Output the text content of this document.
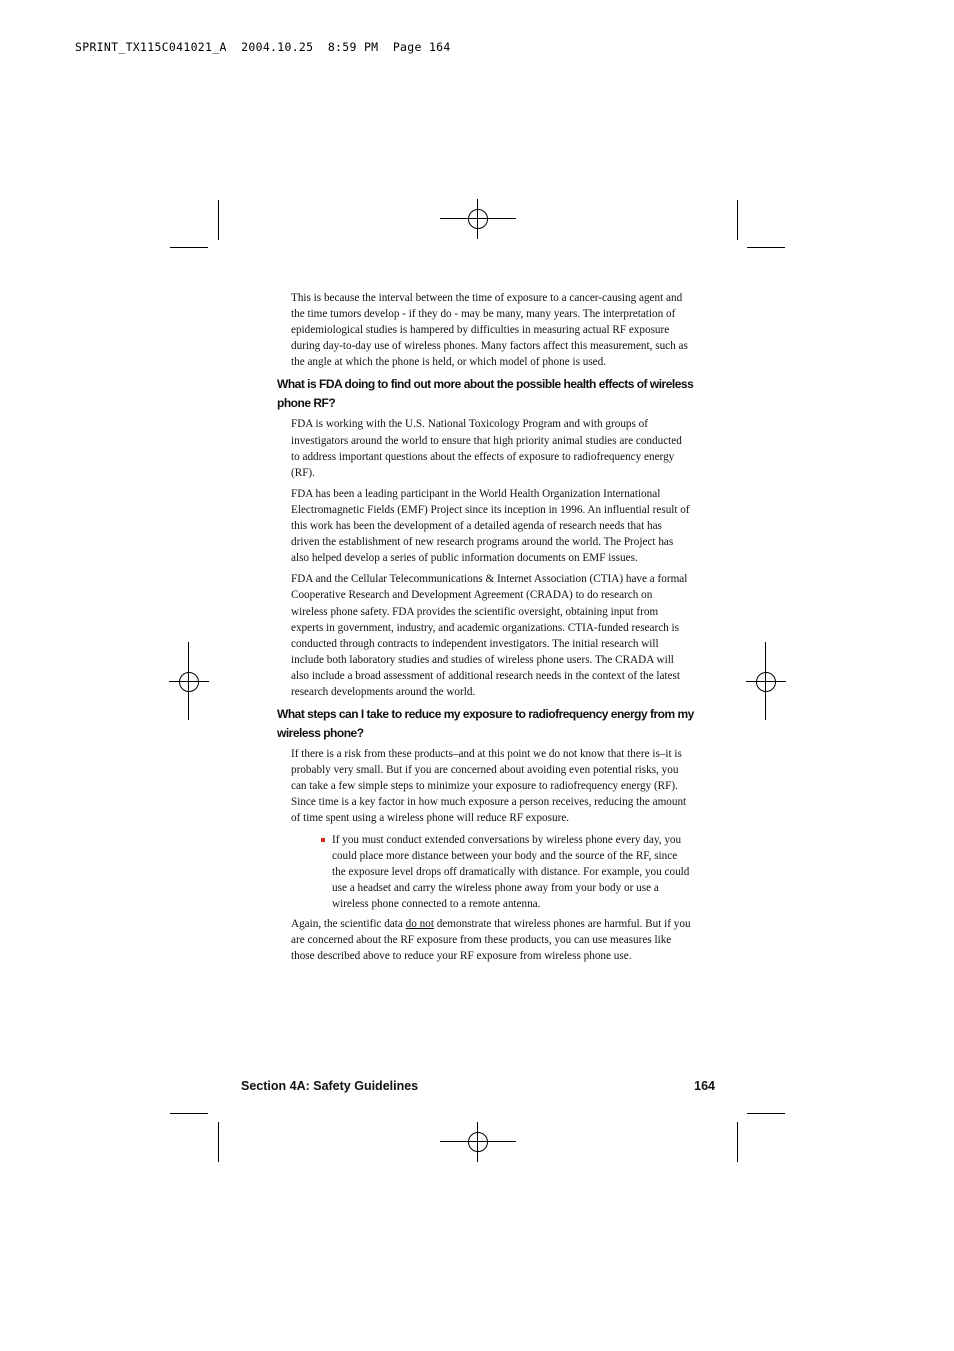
SPRINT_TX115C041021_A  2004.10.25  8:59 PM  Page 164

This is because the interval between the time of exposure to a cancer-causing agent and the time tumors develop - if they do - may be many, many years. The interpretation of epidemiological studies is hampered by difficulties in measuring actual RF exposure during day-to-day use of wireless phones. Many factors affect this measurement, such as the angle at which the phone is held, or which model of phone is used.

What is FDA doing to find out more about the possible health effects of wireless phone RF?

FDA is working with the U.S. National Toxicology Program and with groups of investigators around the world to ensure that high priority animal studies are conducted to address important questions about the effects of exposure to radiofrequency energy (RF).

FDA has been a leading participant in the World Health Organization International Electromagnetic Fields (EMF) Project since its inception in 1996. An influential result of this work has been the development of a detailed agenda of research needs that has driven the establishment of new research programs around the world. The Project has also helped develop a series of public information documents on EMF issues.

FDA and the Cellular Telecommunications & Internet Association (CTIA) have a formal Cooperative Research and Development Agreement (CRADA) to do research on wireless phone safety. FDA provides the scientific oversight, obtaining input from experts in government, industry, and academic organizations. CTIA-funded research is conducted through contracts to independent investigators. The initial research will include both laboratory studies and studies of wireless phone users. The CRADA will also include a broad assessment of additional research needs in the context of the latest research developments around the world.

What steps can I take to reduce my exposure to radiofrequency energy from my wireless phone?

If there is a risk from these products–and at this point we do not know that there is–it is probably very small. But if you are concerned about avoiding even potential risks, you can take a few simple steps to minimize your exposure to radiofrequency energy (RF). Since time is a key factor in how much exposure a person receives, reducing the amount of time spent using a wireless phone will reduce RF exposure.

If you must conduct extended conversations by wireless phone every day, you could place more distance between your body and the source of the RF, since the exposure level drops off dramatically with distance. For example, you could use a headset and carry the wireless phone away from your body or use a wireless phone connected to a remote antenna.

Again, the scientific data do not demonstrate that wireless phones are harmful. But if you are concerned about the RF exposure from these products, you can use measures like those described above to reduce your RF exposure from wireless phone use.

Section 4A: Safety Guidelines	164
